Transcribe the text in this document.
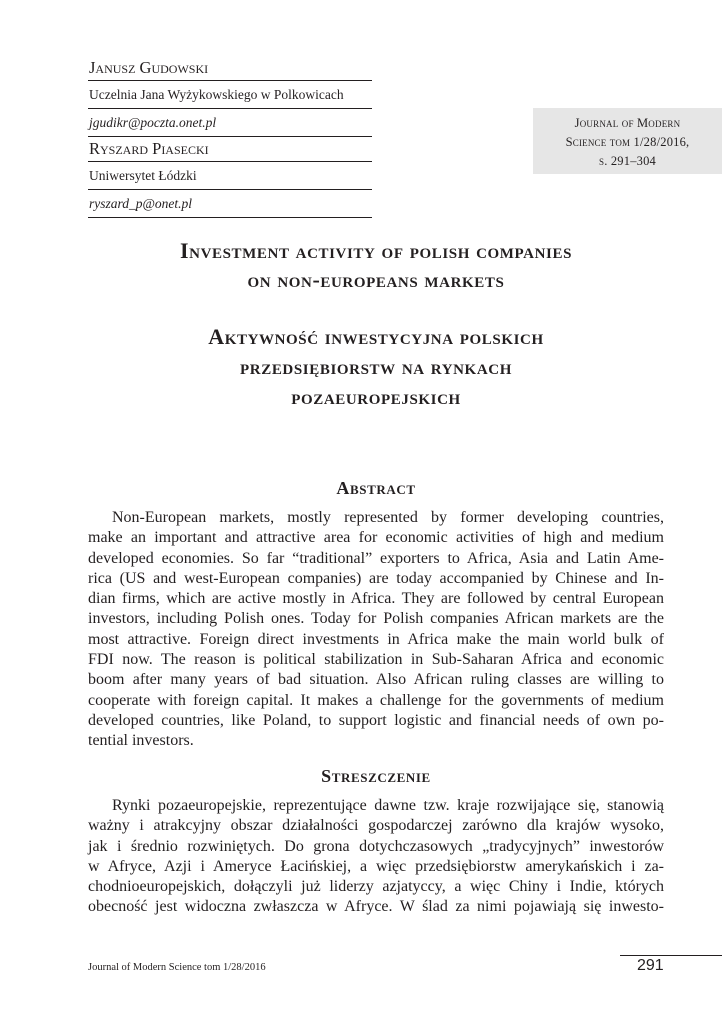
Janusz Gudowski
Uczelnia Jana Wyżykowskiego w Polkowicach
jgudikr@poczta.onet.pl
Ryszard Piasecki
Uniwersytet Łódzki
ryszard_p@onet.pl
Journal of Modern
Science tom 1/28/2016,
s. 291–304
Investment activity of polish companies
on non-europeans markets
Aktywność inwestycyjna polskich
przedsiębiorstw na rynkach
pozaeuropejskich
Abstract
Non-European markets, mostly represented by former developing countries,
make an important and attractive area for economic activities of high and medium
developed economies. So far “traditional” exporters to Africa, Asia and Latin Ame-
rica (US and west-European companies) are today accompanied by Chinese and In-
dian firms, which are active mostly in Africa. They are followed by central European
investors, including Polish ones. Today for Polish companies African markets are the
most attractive. Foreign direct investments in Africa make the main world bulk of
FDI now. The reason is political stabilization in Sub-Saharan Africa and economic
boom after many years of bad situation. Also African ruling classes are willing to
cooperate with foreign capital. It makes a challenge for the governments of medium
developed countries, like Poland, to support logistic and financial needs of own po-
tential investors.
Streszczenie
Rynki pozaeuropejskie, reprezentujące dawne tzw. kraje rozwijające się, stanowią
ważny i atrakcyjny obszar działalności gospodarczej zarówno dla krajów wysoko,
jak i średnio rozwiniętych. Do grona dotychczasowych „tradycyjnych” inwestorów
w Afryce, Azji i Ameryce Łacińskiej, a więc przedsiębiorstw amerykańskich i za-
chodnioeuropejskich, dołączyli już liderzy azjatyccy, a więc Chiny i Indie, których
obecność jest widoczna zwłaszcza w Afryce. W ślad za nimi pojawiają się inwesto-
Journal of Modern Science tom 1/28/2016	291
